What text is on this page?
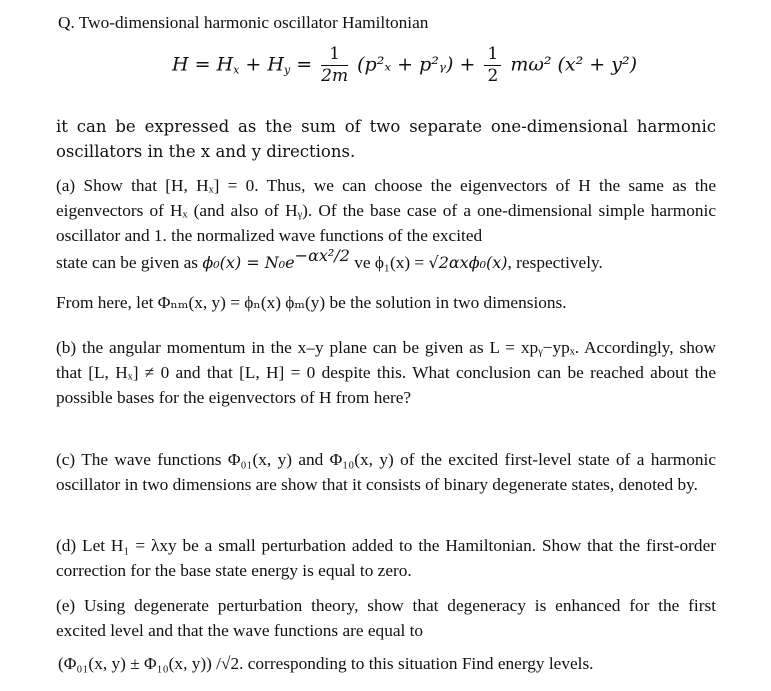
Q. Two-dimensional harmonic oscillator Hamiltonian
$H = H_x + H_y = \frac{1}{2m} (p^2_x$ + p²ᵧ) + $\frac{1}{2} m\omega^2$ (x² + y²)
it can be expressed as the sum of two separate one-dimensional harmonic oscillators in the x and y directions.
(a) Show that [H, Hₓ] = 0. Thus, we can choose the eigenvectors of H the same as the eigenvectors of Hₓ (and also of Hᵧ). Of the base case of a one-dimensional simple harmonic oscillator and 1. the normalized wave functions of the excited
state can be given as $\phi_0(x) = N_0e^{-\alpha x^2/2}$ ve ϕ₁(x) = √2αxϕ₀(x), respectively.
From here, let Φₙₘ(x, y) = ϕₙ(x) ϕₘ(y) be the solution in two dimensions.
(b) the angular momentum in the x–y plane can be given as L = xpᵧ−ypₓ. Accordingly, show that [L, Hₓ] ≠ 0 and that [L, H] = 0 despite this. What conclusion can be reached about the possible bases for the eigenvectors of H from here?
(c) The wave functions Φ₀₁(x, y) and Φ₁₀(x, y) of the excited first-level state of a harmonic oscillator in two dimensions are show that it consists of binary degenerate states, denoted by.
(d) Let H₁ = λxy be a small perturbation added to the Hamiltonian. Show that the first-order correction for the base state energy is equal to zero.
(e) Using degenerate perturbation theory, show that degeneracy is enhanced for the first excited level and that the wave functions are equal to
(Φ₀₁(x, y) ± Φ₁₀(x, y)) /√2. corresponding to this situation Find energy levels.
